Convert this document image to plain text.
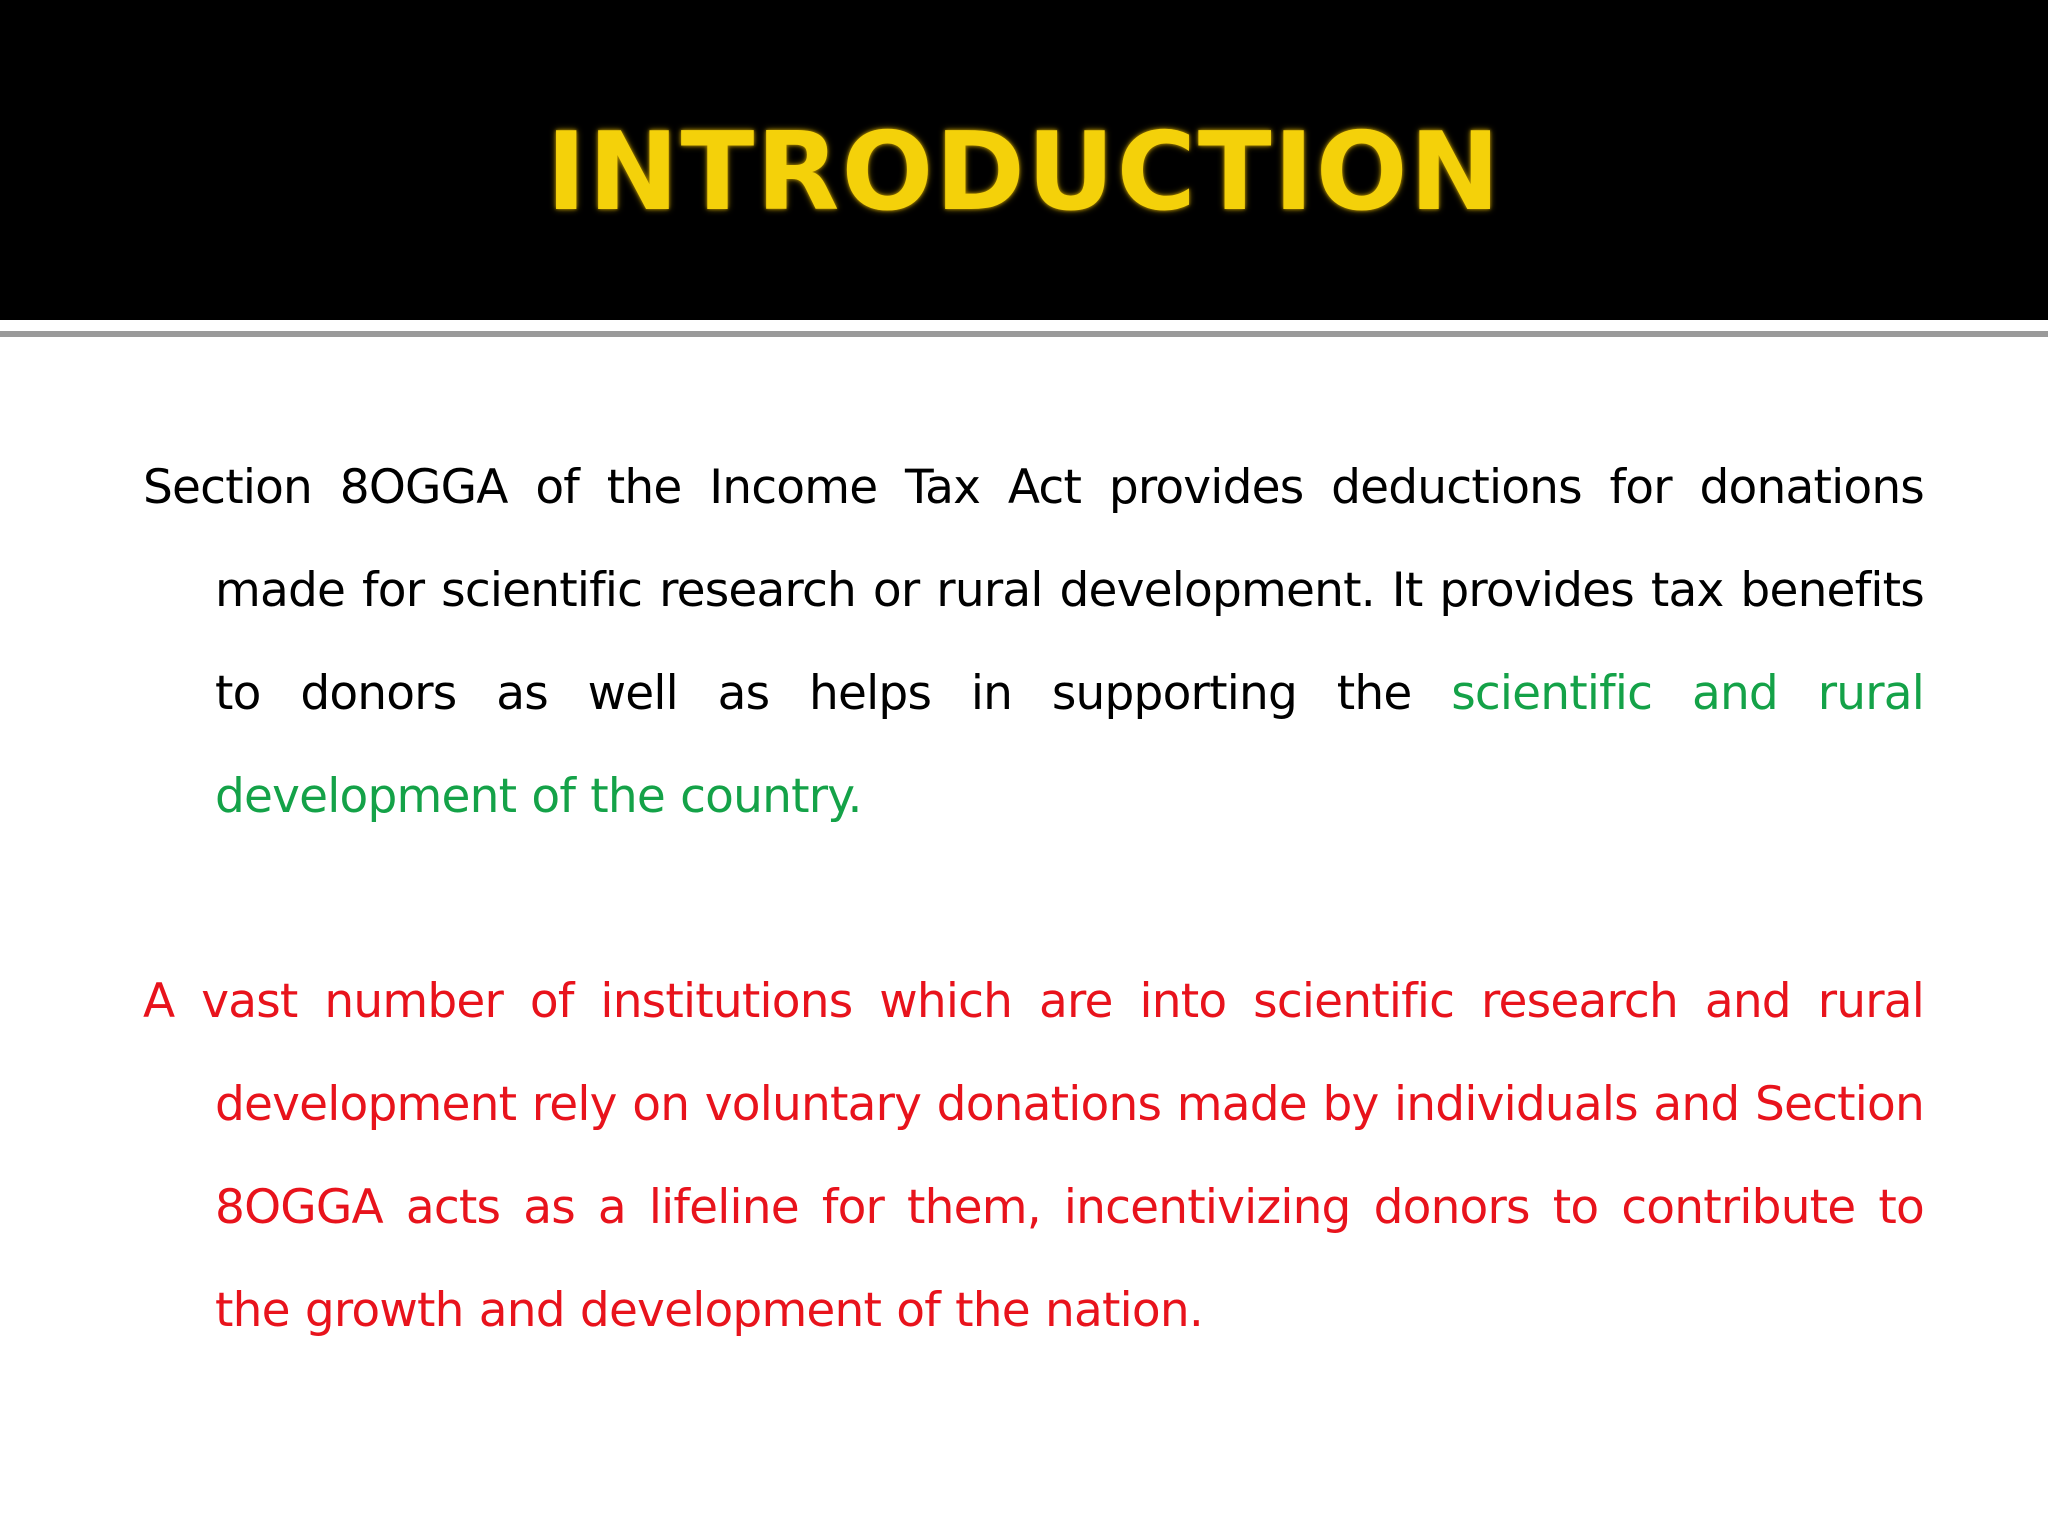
INTRODUCTION

Section 8OGGA of the Income Tax Act provides deductions for donations made for scientific research or rural development. It provides tax benefits to donors as well as helps in supporting the scientific and rural development of the country.

A vast number of institutions which are into scientific research and rural development rely on voluntary donations made by individuals and Section 8OGGA acts as a lifeline for them, incentivizing donors to contribute to the growth and development of the nation.
